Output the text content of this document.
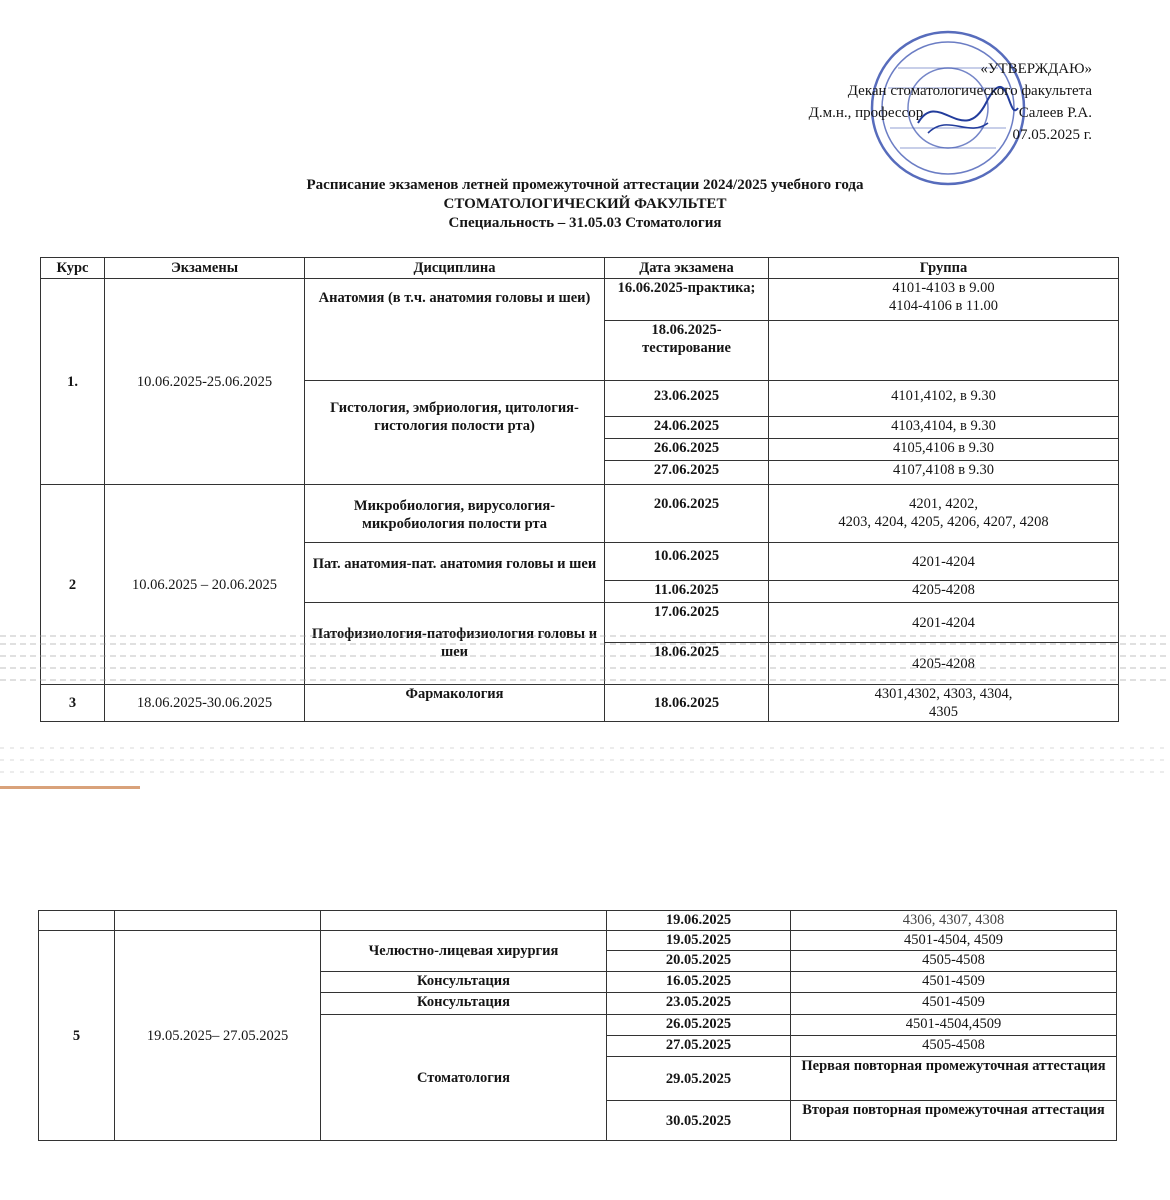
«УТВЕРЖДАЮ»
Декан стоматологического факультета
Д.м.н., профессор	Салеев Р.А.
07.05.2025 г.
Расписание экзаменов летней промежуточной аттестации 2024/2025 учебного года
СТОМАТОЛОГИЧЕСКИЙ ФАКУЛЬТЕТ
Специальность – 31.05.03 Стоматология
Курс	Экзамены	Дисциплина	Дата экзамена	Группа
1.	10.06.2025-25.06.2025	Анатомия (в т.ч. анатомия головы и шеи)	16.06.2025-практика;	4101-4103 в 9.00
4104-4106 в 11.00

			18.06.2025-тестирование	
		Гистология, эмбриология, цитология- гистология полости рта)	23.06.2025	4101,4102, в 9.30
			24.06.2025	4103,4104, в 9.30
			26.06.2025	4105,4106 в 9.30
			27.06.2025	4107,4108 в 9.30
2	10.06.2025 – 20.06.2025	Микробиология, вирусология-микробиология полости рта	20.06.2025	4201, 4202,
4203, 4204, 4205, 4206, 4207, 4208

		Пат. анатомия-пат. анатомия головы и шеи	10.06.2025	4201-4204
			11.06.2025	4205-4208
		Патофизиология-патофизиология головы и шеи	17.06.2025	4201-4204
			18.06.2025	4205-4208
3	18.06.2025-30.06.2025	Фармакология	18.06.2025	4301,4302, 4303, 4304,
4305
			19.06.2025	4306, 4307, 4308
5	19.05.2025– 27.05.2025	Челюстно-лицевая хирургия	19.05.2025	4501-4504, 4509
			20.05.2025	4505-4508
		Консультация	16.05.2025	4501-4509
		Консультация	23.05.2025	4501-4509
		Стоматология	26.05.2025	4501-4504,4509
			27.05.2025	4505-4508
			29.05.2025	Первая повторная промежуточная аттестация
			30.05.2025	Вторая повторная промежуточная аттестация
